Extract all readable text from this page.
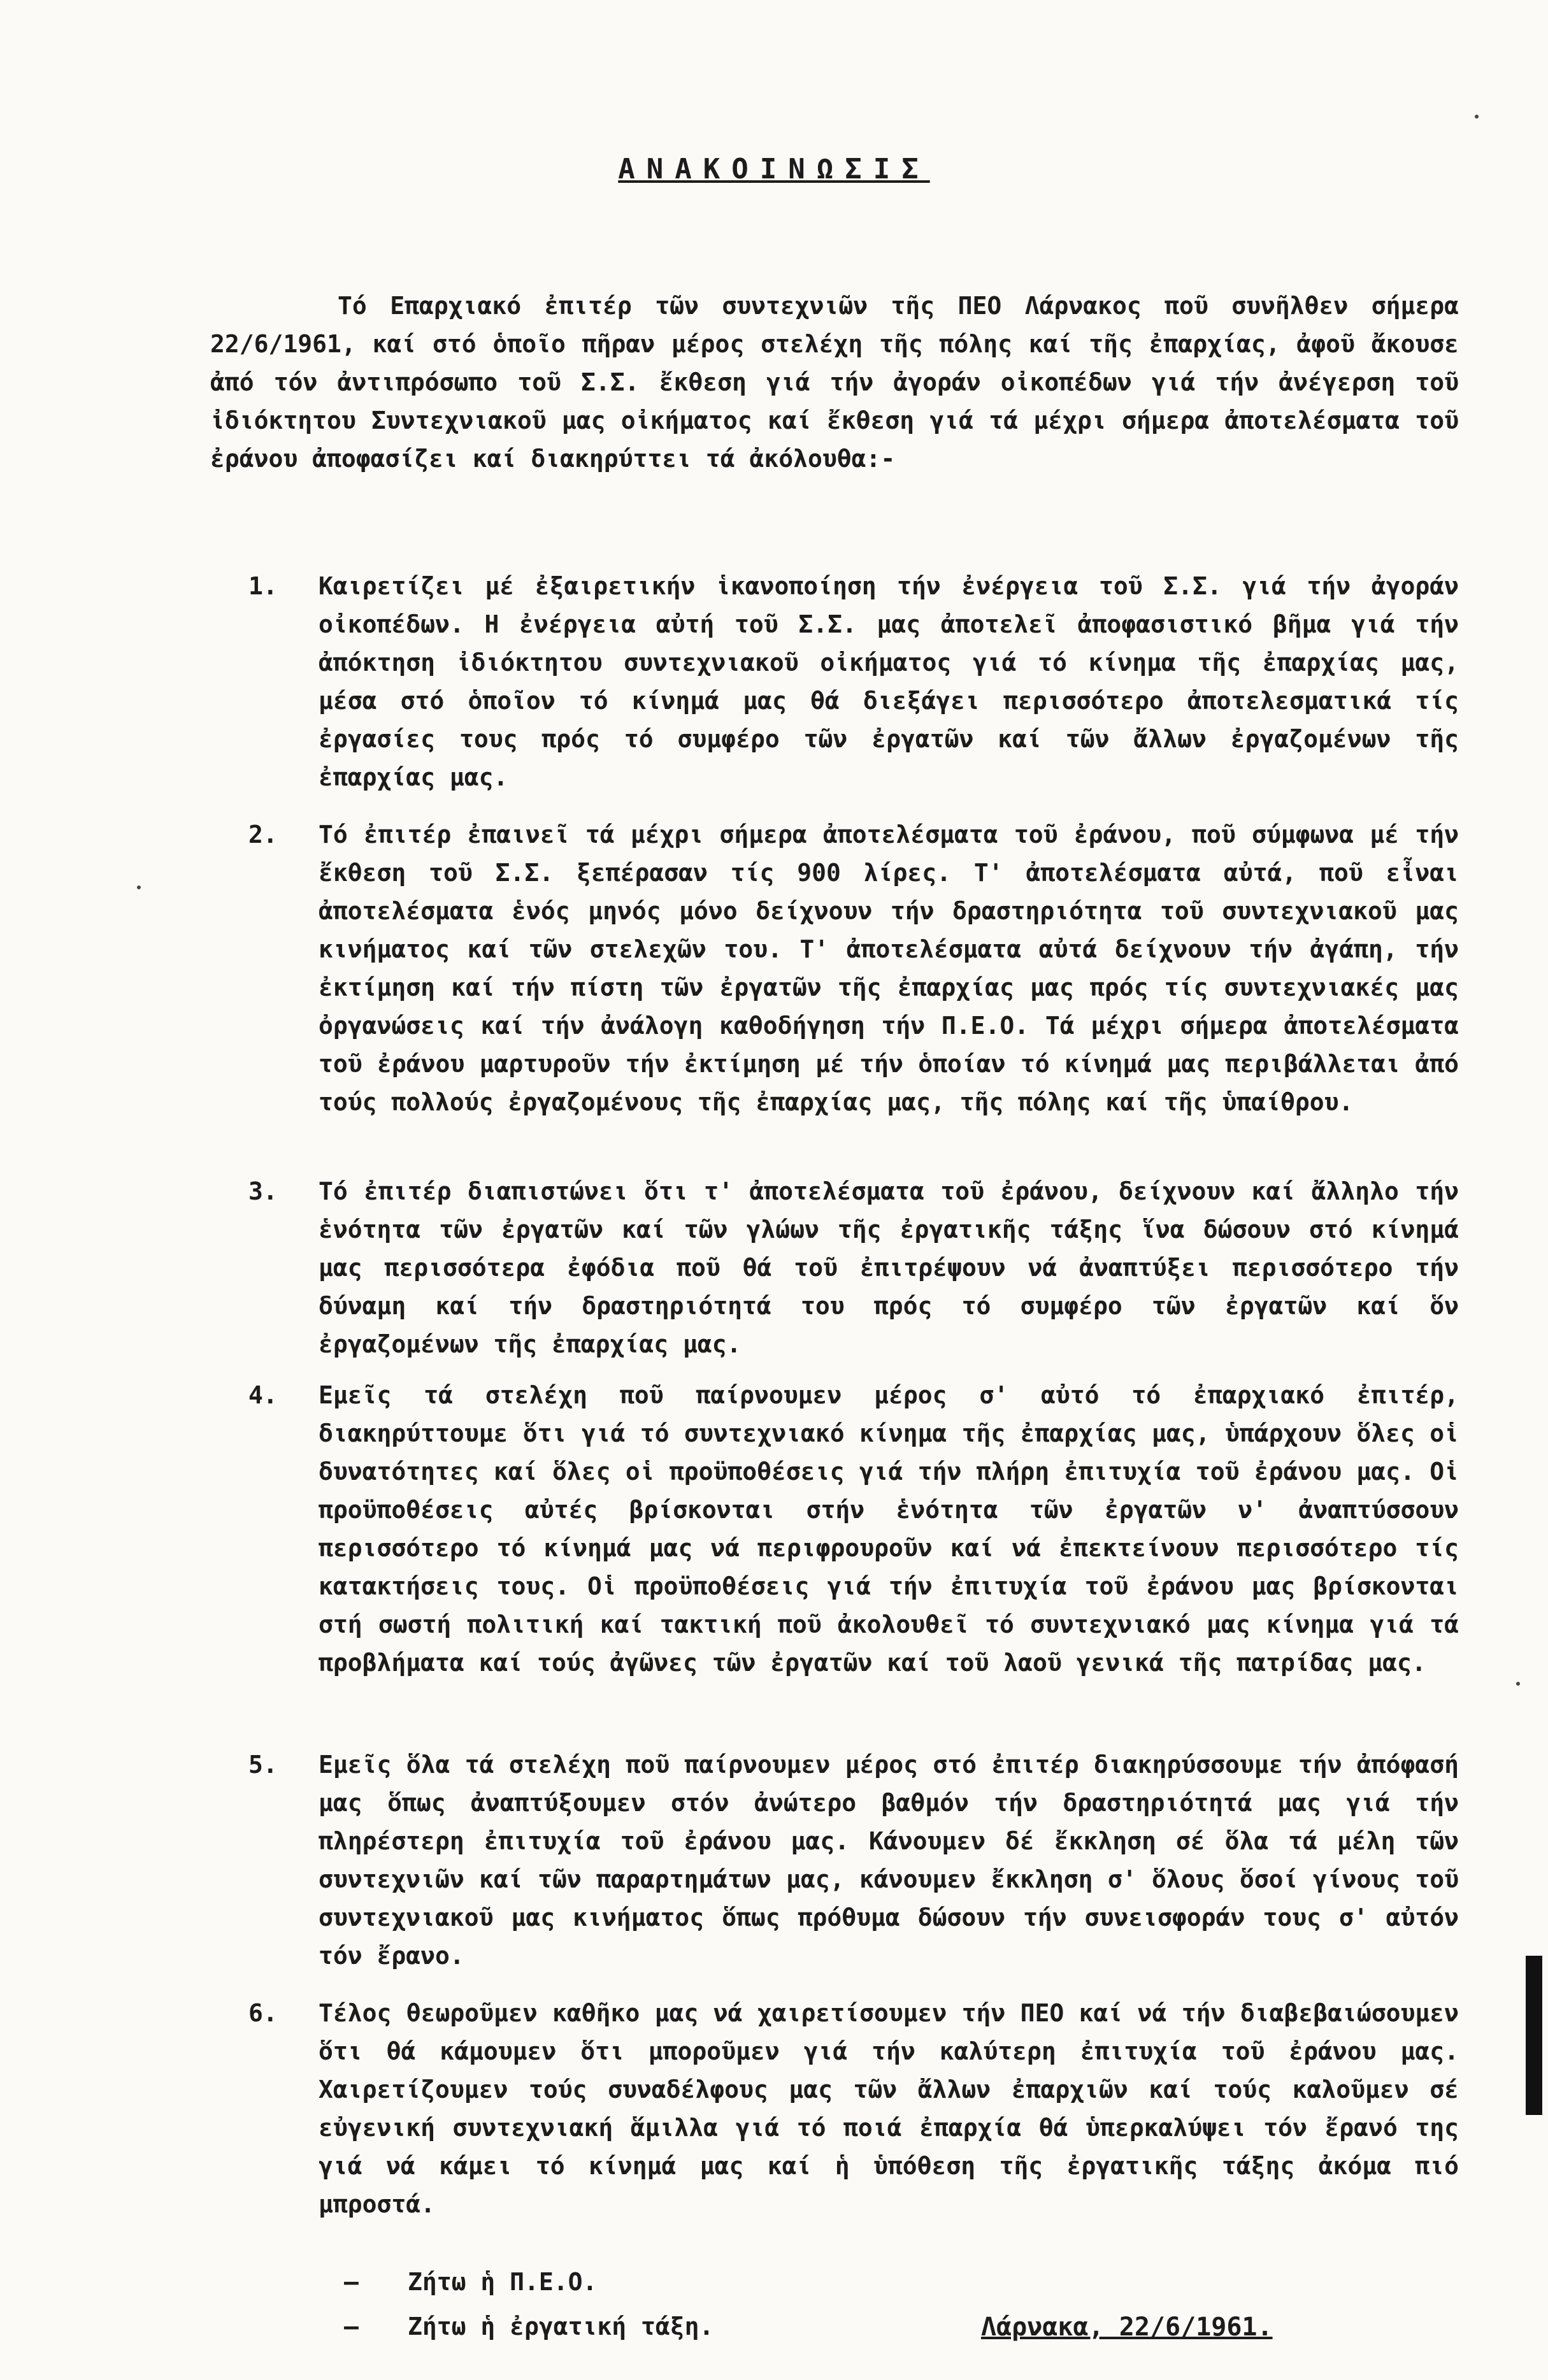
ΑΝΑΚΟΙΝΩΣΙΣ
Τό Επαρχιακό ἐπιτέρ τῶν συντεχνιῶν τῆς ΠΕΟ Λάρνακος ποῦ συνῆλθεν σήμερα 22/6/1961, καί στό ὁποῖο πῆραν μέρος στελέχη τῆς πόλης καί τῆς ἐπαρχίας, ἀφοῦ ἄκουσε ἀπό τόν ἀντιπρόσωπο τοῦ Σ.Σ. ἔκθεση γιά τήν ἀγοράν οἰκοπέδων γιά τήν ἀνέγερση τοῦ ἰδιόκτητου Συντεχνιακοῦ μας οἰκήματος καί ἔκθεση γιά τά μέχρι σήμερα ἀποτελέσματα τοῦ ἐράνου ἀποφασίζει καί διακηρύττει τά ἀκόλουθα:-
1.	Καιρετίζει μέ ἐξαιρετικήν ἱκανοποίηση τήν ἐνέργεια τοῦ Σ.Σ. γιά τήν ἀγοράν οἰκοπέδων. Η ἐνέργεια αὐτή τοῦ Σ.Σ. μας ἀποτελεῖ ἀποφασιστικό βῆμα γιά τήν ἀπόκτηση ἰδιόκτητου συντεχνιακοῦ οἰκήματος γιά τό κίνημα τῆς ἐπαρχίας μας, μέσα στό ὁποῖον τό κίνημά μας θά διεξάγει περισσότερο ἀποτελεσματικά τίς ἐργασίες τους πρός τό συμφέρο τῶν ἐργατῶν καί τῶν ἄλλων ἐργαζομένων τῆς ἐπαρχίας μας.
2.	Τό ἐπιτέρ ἐπαινεῖ τά μέχρι σήμερα ἀποτελέσματα τοῦ ἐράνου, ποῦ σύμφωνα μέ τήν ἔκθεση τοῦ Σ.Σ. ξεπέρασαν τίς 900 λίρες. Τ' ἀποτελέσματα αὐτά, ποῦ εἶναι ἀποτελέσματα ἑνός μηνός μόνο δείχνουν τήν δραστηριότητα τοῦ συντεχνιακοῦ μας κινήματος καί τῶν στελεχῶν του. Τ' ἀποτελέσματα αὐτά δείχνουν τήν ἀγάπη, τήν ἐκτίμηση καί τήν πίστη τῶν ἐργατῶν τῆς ἐπαρχίας μας πρός τίς συντεχνιακές μας ὀργανώσεις καί τήν ἀνάλογη καθοδήγηση τήν Π.Ε.Ο. Τά μέχρι σήμερα ἀποτελέσματα τοῦ ἐράνου μαρτυροῦν τήν ἐκτίμηση μέ τήν ὁποίαν τό κίνημά μας περιβάλλεται ἀπό τούς πολλούς ἐργαζομένους τῆς ἐπαρχίας μας, τῆς πόλης καί τῆς ὑπαίθρου.
3.	Τό ἐπιτέρ διαπιστώνει ὅτι τ' ἀποτελέσματα τοῦ ἐράνου, δείχνουν καί ἄλληλο τήν ἑνότητα τῶν ἐργατῶν καί τῶν γλώων τῆς ἐργατικῆς τάξης ἵνα δώσουν στό κίνημά μας περισσότερα ἐφόδια ποῦ θά τοῦ ἐπιτρέψουν νά ἀναπτύξει περισσότερο τήν δύναμη καί τήν δραστηριότητά του πρός τό συμφέρο τῶν ἐργατῶν καί ὅν ἐργαζομένων τῆς ἐπαρχίας μας.
4.	Εμεῖς τά στελέχη ποῦ παίρνουμεν μέρος σ' αὐτό τό ἐπαρχιακό ἐπιτέρ, διακηρύττουμε ὅτι γιά τό συντεχνιακό κίνημα τῆς ἐπαρχίας μας, ὑπάρχουν ὅλες οἱ δυνατότητες καί ὅλες οἱ προϋποθέσεις γιά τήν πλήρη ἐπιτυχία τοῦ ἐράνου μας. Οἱ προϋποθέσεις αὐτές βρίσκονται στήν ἑνότητα τῶν ἐργατῶν ν' ἀναπτύσσουν περισσότερο τό κίνημά μας νά περιφρουροῦν καί νά ἐπεκτείνουν περισσότερο τίς κατακτήσεις τους. Οἱ προϋποθέσεις γιά τήν ἐπιτυχία τοῦ ἐράνου μας βρίσκονται στή σωστή πολιτική καί τακτική ποῦ ἀκολουθεῖ τό συντεχνιακό μας κίνημα γιά τά προβλήματα καί τούς ἀγῶνες τῶν ἐργατῶν καί τοῦ λαοῦ γενικά τῆς πατρίδας μας.
5.	Εμεῖς ὅλα τά στελέχη ποῦ παίρνουμεν μέρος στό ἐπιτέρ διακηρύσσουμε τήν ἀπόφασή μας ὅπως ἀναπτύξουμεν στόν ἀνώτερο βαθμόν τήν δραστηριότητά μας γιά τήν πληρέστερη ἐπιτυχία τοῦ ἐράνου μας. Κάνουμεν δέ ἔκκληση σέ ὅλα τά μέλη τῶν συντεχνιῶν καί τῶν παραρτημάτων μας, κάνουμεν ἔκκληση σ' ὅλους ὅσοί γίνους τοῦ συντεχνιακοῦ μας κινήματος ὅπως πρόθυμα δώσουν τήν συνεισφοράν τους σ' αὐτόν τόν ἔρανο.
6.	Τέλος θεωροῦμεν καθῆκο μας νά χαιρετίσουμεν τήν ΠΕΟ καί νά τήν διαβεβαιώσουμεν ὅτι θά κάμουμεν ὅτι μποροῦμεν γιά τήν καλύτερη ἐπιτυχία τοῦ ἐράνου μας. Χαιρετίζουμεν τούς συναδέλφους μας τῶν ἄλλων ἐπαρχιῶν καί τούς καλοῦμεν σέ εὐγενική συντεχνιακή ἅμιλλα γιά τό ποιά ἐπαρχία θά ὑπερκαλύψει τόν ἔρανό της γιά νά κάμει τό κίνημά μας καί ἡ ὑπόθεση τῆς ἐργατικῆς τάξης ἀκόμα πιό μπροστά.
— Ζήτω ἡ Π.Ε.Ο.
— Ζήτω ἡ ἐργατική τάξη.	Λάρνακα, 22/6/1961.
